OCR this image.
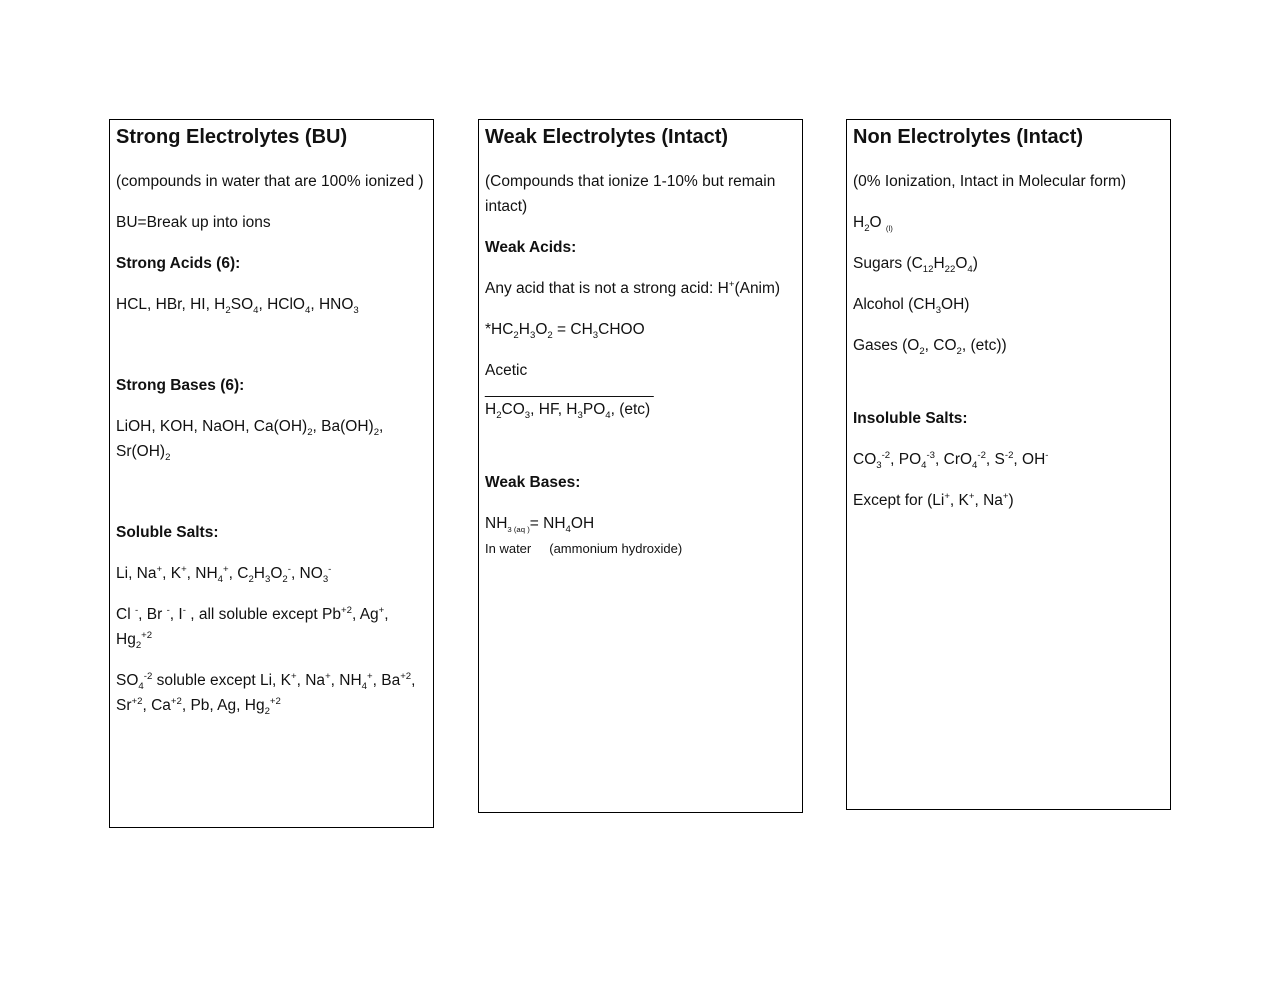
Strong Electrolytes (BU)

(compounds in water that are 100% ionized )

BU=Break up into ions

Strong Acids (6):

HCL, HBr, HI, $H_2SO_4$, HClO$_4$, $HNO_3$

Strong Bases (6):

LiOH, KOH, NaOH, $Ca(OH)_2$, $Ba(OH)_2$, $Sr(OH)_2$

Soluble Salts:

Li, Na+, K+, $NH_4^+$, $C_2H_3O_2^-$, $NO_3^-$

Cl -, Br -, I- , all soluble except $Pb^{+2}$, Ag+, $Hg_2^{+2}$

$SO_4^{-2}$ soluble except Li, K+, Na+, $NH_4^+$, $Ba^{+2}$, $Sr^{+2}$, $Ca^{+2}$, Pb, Ag, $Hg_2^{+2}$

Weak Electrolytes (Intact)

(Compounds that ionize 1-10% but remain intact)

Weak Acids:

Any acid that is not a strong acid: H+(Anim)

$*HC_2H_3O_2$ = $CH_3CHOO$

Acetic

______________________

$H_2CO_3$, HF, $H_3PO_4$, (etc)

Weak Bases:

$NH_{3 (aq )}= NH_4OH$

In water (ammonium hydroxide)

Non Electrolytes (Intact)

(0% Ionization, Intact in Molecular form)

$H_2O$ $_{(l)}$

Sugars $(C_{12}H_{22}O_4)$

Alcohol $(CH_3OH)$

Gases ($O_2$, $CO_2$, (etc))

Insoluble Salts:

$CO_3^{-2}$, $PO_4^{-3}$, CrO$_4^{-2}$, $S^{-2}$, OH-

Except for (Li+, K+, Na+)
